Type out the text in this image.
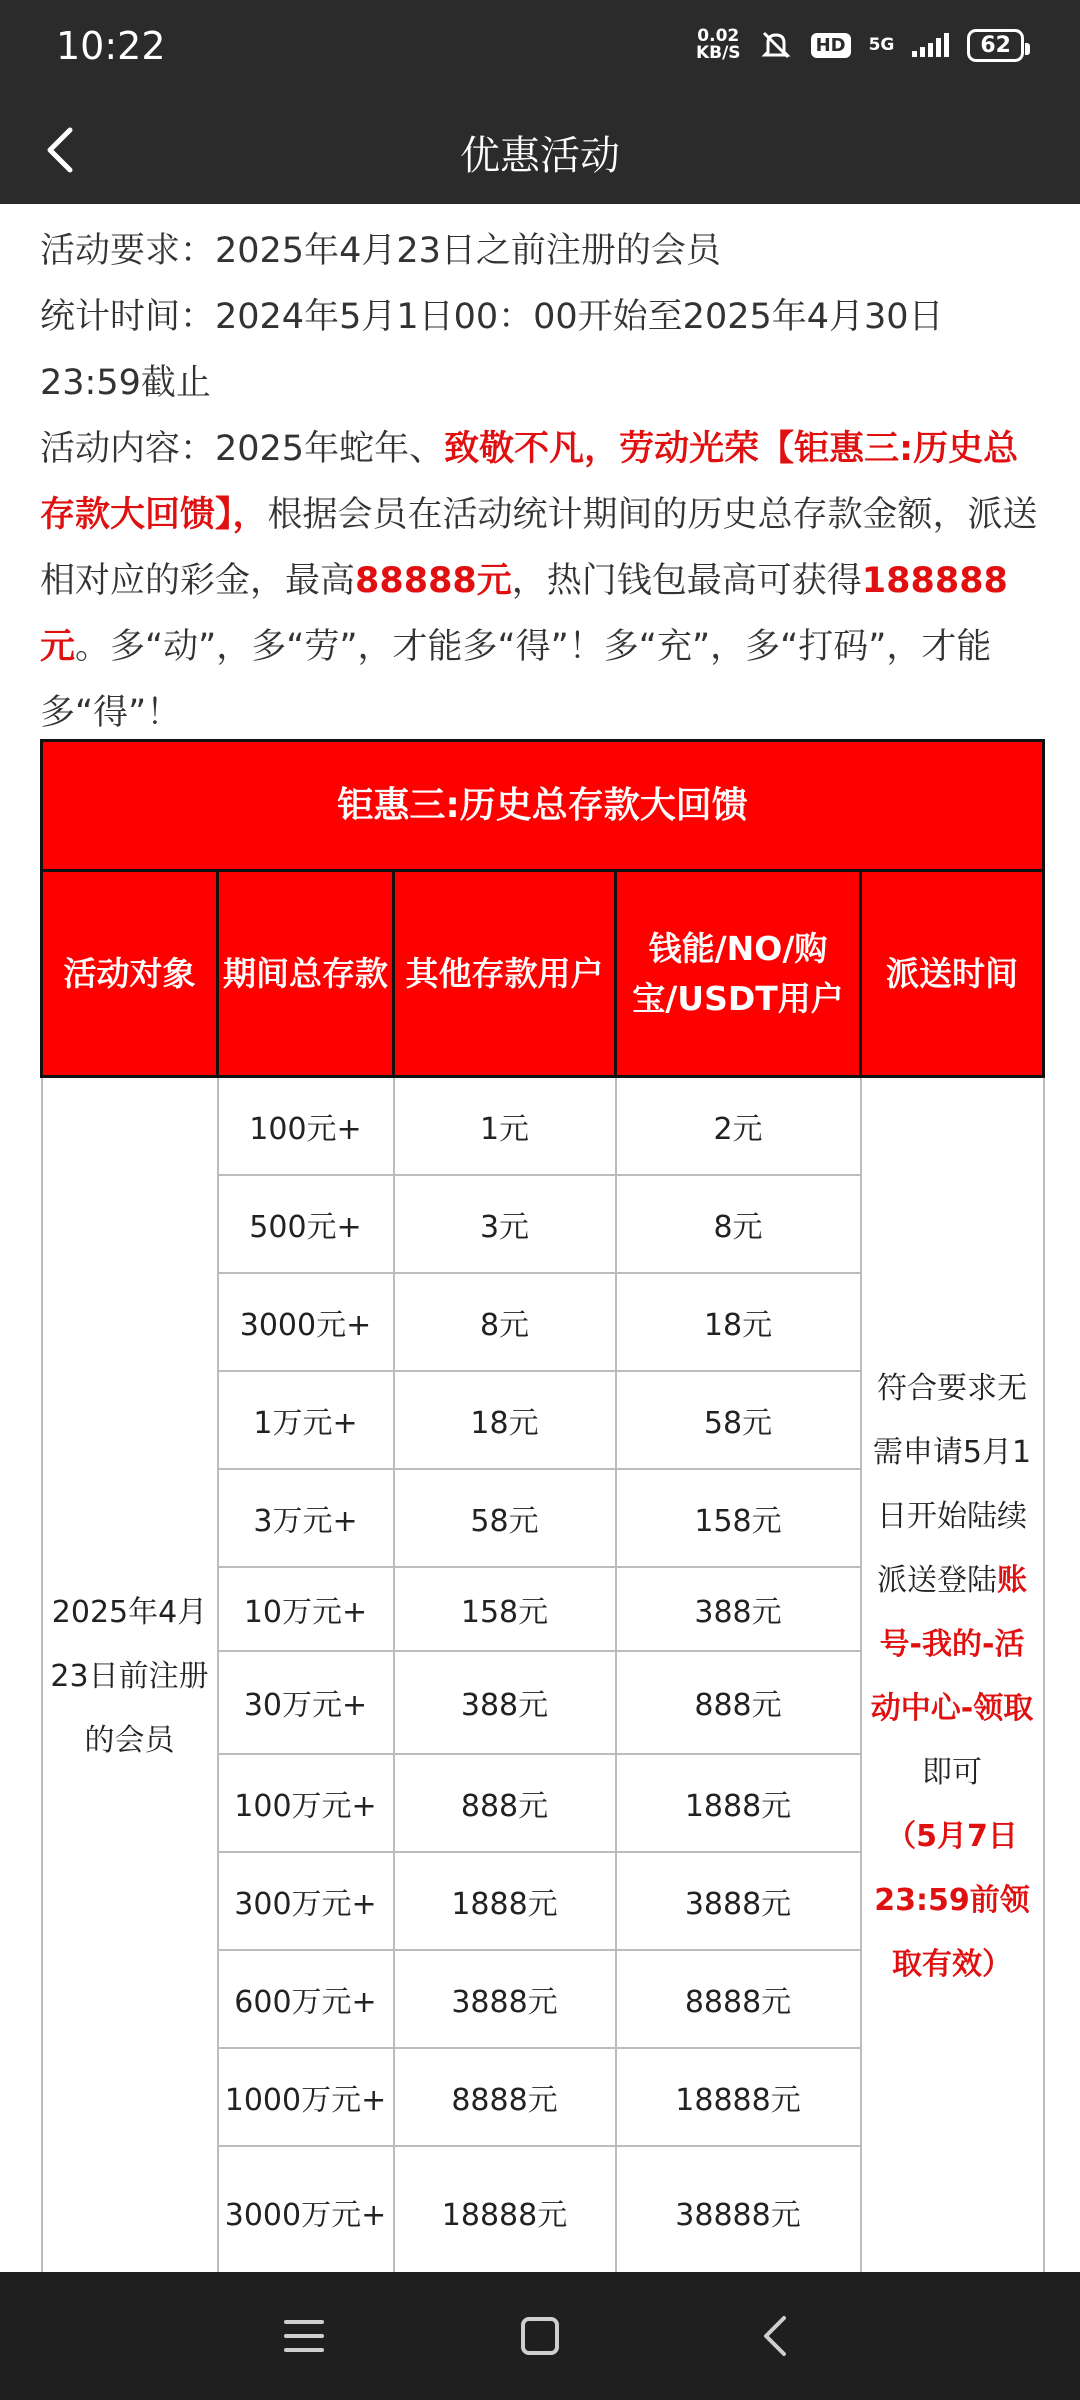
10:22	0.02
KB/S	HD 5G	62
优惠活动

活动要求：2025年4月23日之前注册的会员

统计时间：2024年5月1日00：00开始至2025年4月30日23:59截止

活动内容：2025年蛇年、致敬不凡，劳动光荣【钜惠三:历史总存款大回馈】，根据会员在活动统计期间的历史总存款金额，派送相对应的彩金，最高88888元，热门钱包最高可获得188888元。多“动”，多“劳”，才能多“得”！多“充”，多“打码”，才能多“得”！

钜惠三:历史总存款大回馈				
活动对象	期间总存款	其他存款用户	钱能/NO/购宝/USDT用户	派送时间
2025年4月23日前注册的会员	100元+	1元	2元	符合要求无需申请5月1日开始陆续派送登陆账号-我的-活动中心-领取
即可
（5月7日23:59前领取有效）
	500元+	3元	8元	
	3000元+	8元	18元	
	1万元+	18元	58元	
	3万元+	58元	158元	
	10万元+	158元	388元	
	30万元+	388元	888元	
	100万元+	888元	1888元	
	300万元+	1888元	3888元	
	600万元+	3888元	8888元	
	1000万元+	8888元	18888元	
	3000万元+	18888元	38888元	
